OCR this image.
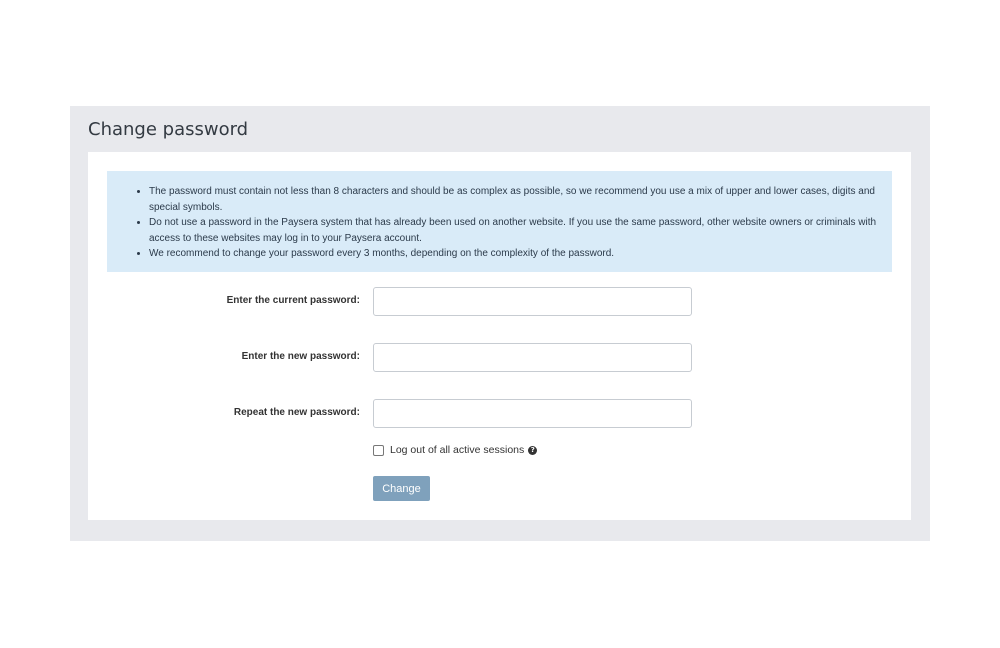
Change password
• The password must contain not less than 8 characters and should be as complex as possible, so we recommend you use a mix of upper and lower cases, digits and special symbols.
• Do not use a password in the Paysera system that has already been used on another website. If you use the same password, other website owners or criminals with access to these websites may log in to your Paysera account.
• We recommend to change your password every 3 months, depending on the complexity of the password.
Enter the current password:
Enter the new password:
Repeat the new password:
Log out of all active sessions ?
Change
